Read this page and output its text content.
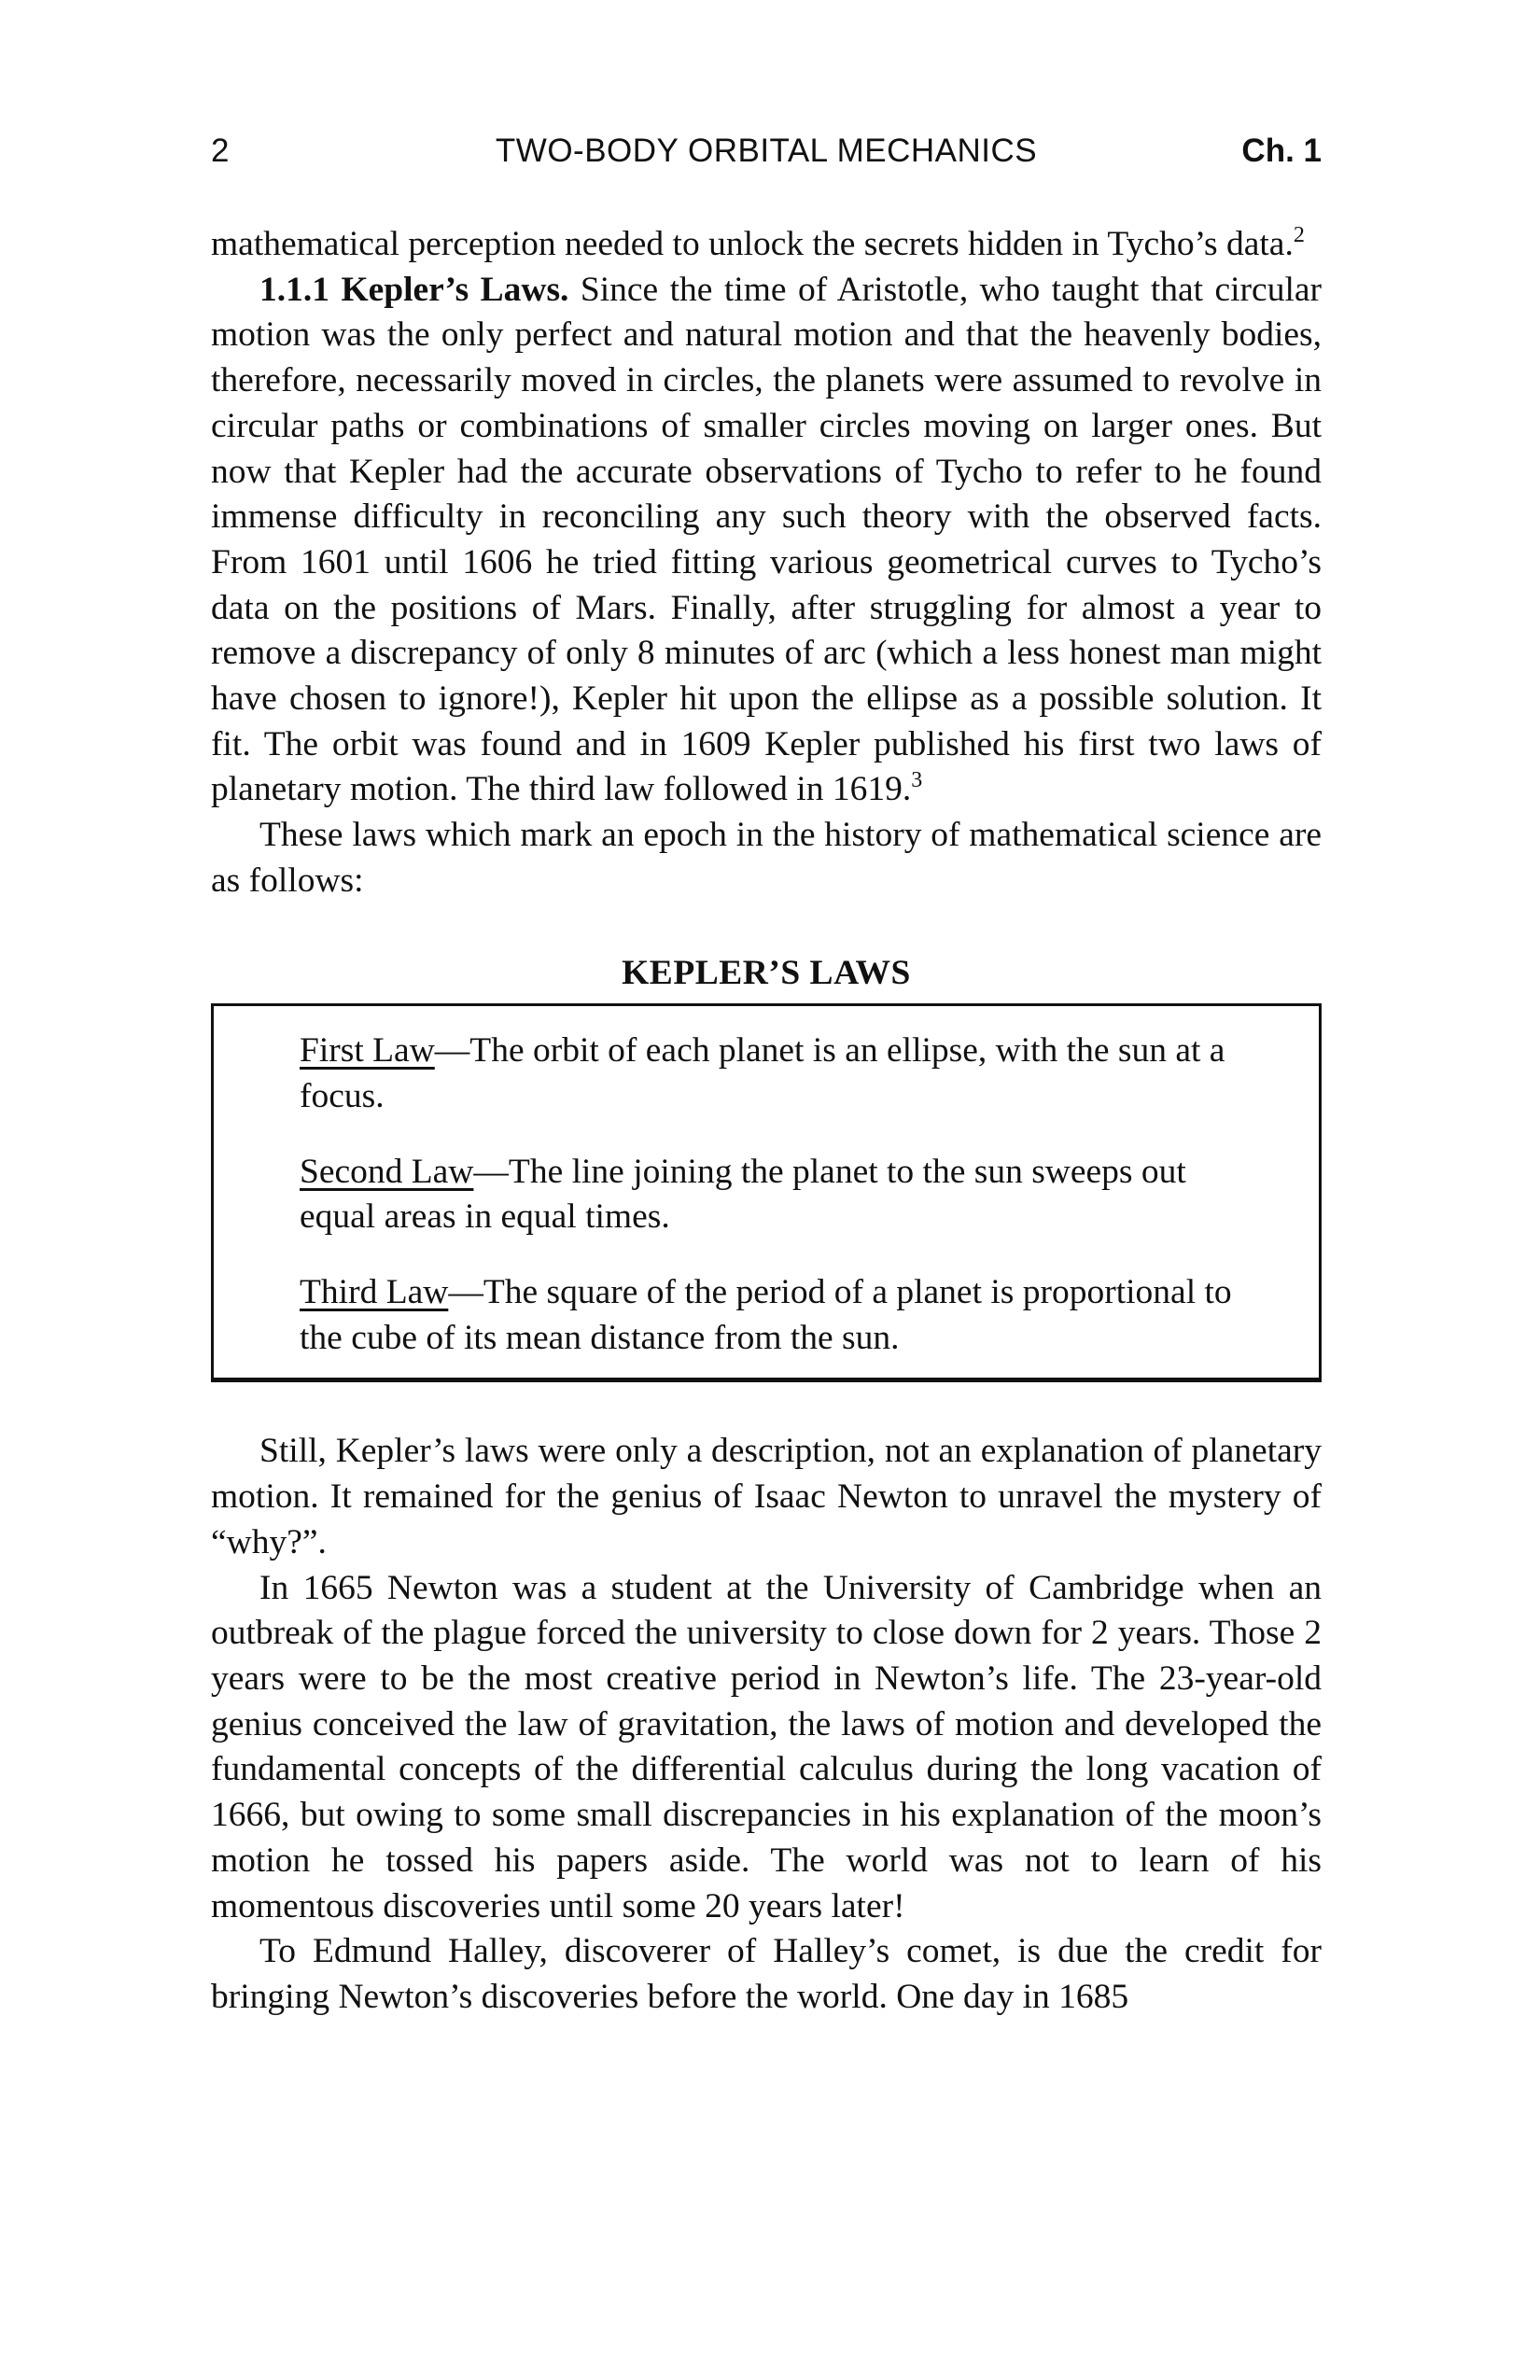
2	TWO-BODY ORBITAL MECHANICS	Ch. 1

mathematical perception needed to unlock the secrets hidden in Tycho’s data.$^2$

1.1.1 Kepler’s Laws. Since the time of Aristotle, who taught that circular motion was the only perfect and natural motion and that the heavenly bodies, therefore, necessarily moved in circles, the planets were assumed to revolve in circular paths or combinations of smaller circles moving on larger ones. But now that Kepler had the accurate observations of Tycho to refer to he found immense difficulty in reconciling any such theory with the observed facts. From 1601 until 1606 he tried fitting various geometrical curves to Tycho’s data on the positions of Mars. Finally, after struggling for almost a year to remove a discrepancy of only 8 minutes of arc (which a less honest man might have chosen to ignore!), Kepler hit upon the ellipse as a possible solution. It fit. The orbit was found and in 1609 Kepler published his first two laws of planetary motion. The third law followed in 1619.$^3$

These laws which mark an epoch in the history of mathematical science are as follows:

KEPLER’S LAWS

First Law—The orbit of each planet is an ellipse, with the sun at a focus.

Second Law—The line joining the planet to the sun sweeps out equal areas in equal times.

Third Law—The square of the period of a planet is proportional to the cube of its mean distance from the sun.

Still, Kepler’s laws were only a description, not an explanation of planetary motion. It remained for the genius of Isaac Newton to unravel the mystery of “why?”.

In 1665 Newton was a student at the University of Cambridge when an outbreak of the plague forced the university to close down for 2 years. Those 2 years were to be the most creative period in Newton’s life. The 23-year-old genius conceived the law of gravitation, the laws of motion and developed the fundamental concepts of the differential calculus during the long vacation of 1666, but owing to some small discrepancies in his explanation of the moon’s motion he tossed his papers aside. The world was not to learn of his momentous discoveries until some 20 years later!

To Edmund Halley, discoverer of Halley’s comet, is due the credit for bringing Newton’s discoveries before the world. One day in 1685
